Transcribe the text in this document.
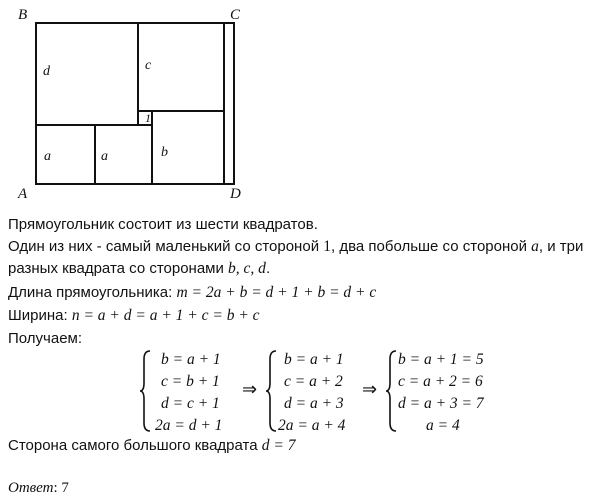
B	C
A	D
d	c
a	a	b
1
Прямоугольник состоит из шести квадратов.
Один из них - самый маленький со стороной 1, два побольше со стороной a, и три
разных квадрата со сторонами b, c, d.
Длина прямоугольника: m = 2a + b = d + 1 + b = d + c
Ширина: n = a + d = a + 1 + c = b + c
Получаем:
b = a + 1
c = b + 1
d = c + 1
2a = d + 1
⇒
b = a + 1
c = a + 2
d = a + 3
2a = a + 4
⇒
b = a + 1 = 5
c = a + 2 = 6
d = a + 3 = 7
a = 4
Сторона самого большого квадрата d = 7
Ответ: 7
